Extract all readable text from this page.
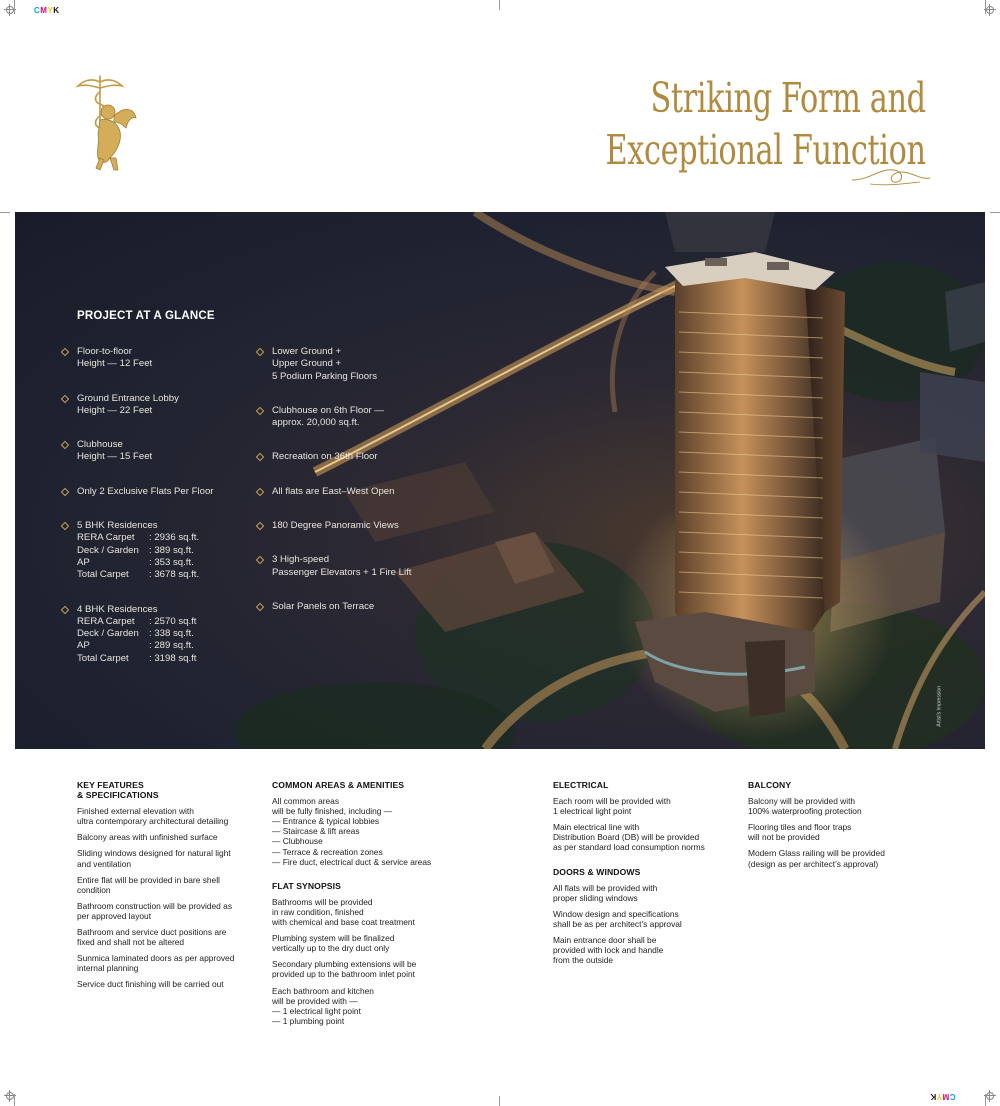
CMYK
CMYK
Striking Form and
Exceptional Function
PROJECT AT A GLANCE
Floor-to-floor
Height — 12 Feet
Ground Entrance Lobby
Height — 22 Feet
Clubhouse
Height — 15 Feet
Only 2 Exclusive Flats Per Floor
5 BHK Residences
RERA Carpet : 2936 sq.ft.
Deck / Garden : 389 sq.ft.
AP	: 353 sq.ft.
Total Carpet : 3678 sq.ft.
4 BHK Residences
RERA Carpet : 2570 sq.ft
Deck / Garden : 338 sq.ft.
AP	: 289 sq.ft.
Total Carpet : 3198 sq.ft
Lower Ground +
Upper Ground +
5 Podium Parking Floors
Clubhouse on 6th Floor —
approx. 20,000 sq.ft.
Recreation on 36th Floor
All flats are East–West Open
180 Degree Panoramic Views
3 High-speed
Passenger Elevators + 1 Fire Lift
Solar Panels on Terrace
Artist's Impression
KEY FEATURES
& SPECIFICATIONS
Finished external elevation with
ultra contemporary architectural detailing
Balcony areas with unfinished surface
Sliding windows designed for natural light
and ventilation
Entire flat will be provided in bare shell
condition
Bathroom construction will be provided as
per approved layout
Bathroom and service duct positions are
fixed and shall not be altered
Sunmica laminated doors as per approved
internal planning
Service duct finishing will be carried out
COMMON AREAS & AMENITIES
All common areas
will be fully finished, including —
— Entrance & typical lobbies
— Staircase & lift areas
— Clubhouse
— Terrace & recreation zones
— Fire duct, electrical duct & service areas
FLAT SYNOPSIS
Bathrooms will be provided
in raw condition, finished
with chemical and base coat treatment
Plumbing system will be finalized
vertically up to the dry duct only
Secondary plumbing extensions will be
provided up to the bathroom inlet point
Each bathroom and kitchen
will be provided with —
— 1 electrical light point
— 1 plumbing point
ELECTRICAL
Each room will be provided with
1 electrical light point
Main electrical line with
Distribution Board (DB) will be provided
as per standard load consumption norms
DOORS & WINDOWS
All flats will be provided with
proper sliding windows
Window design and specifications
shall be as per architect’s approval
Main entrance door shall be
provided with lock and handle
from the outside
BALCONY
Balcony will be provided with
100% waterproofing protection
Flooring tiles and floor traps
will not be provided
Modern Glass railing will be provided
(design as per architect’s approval)
